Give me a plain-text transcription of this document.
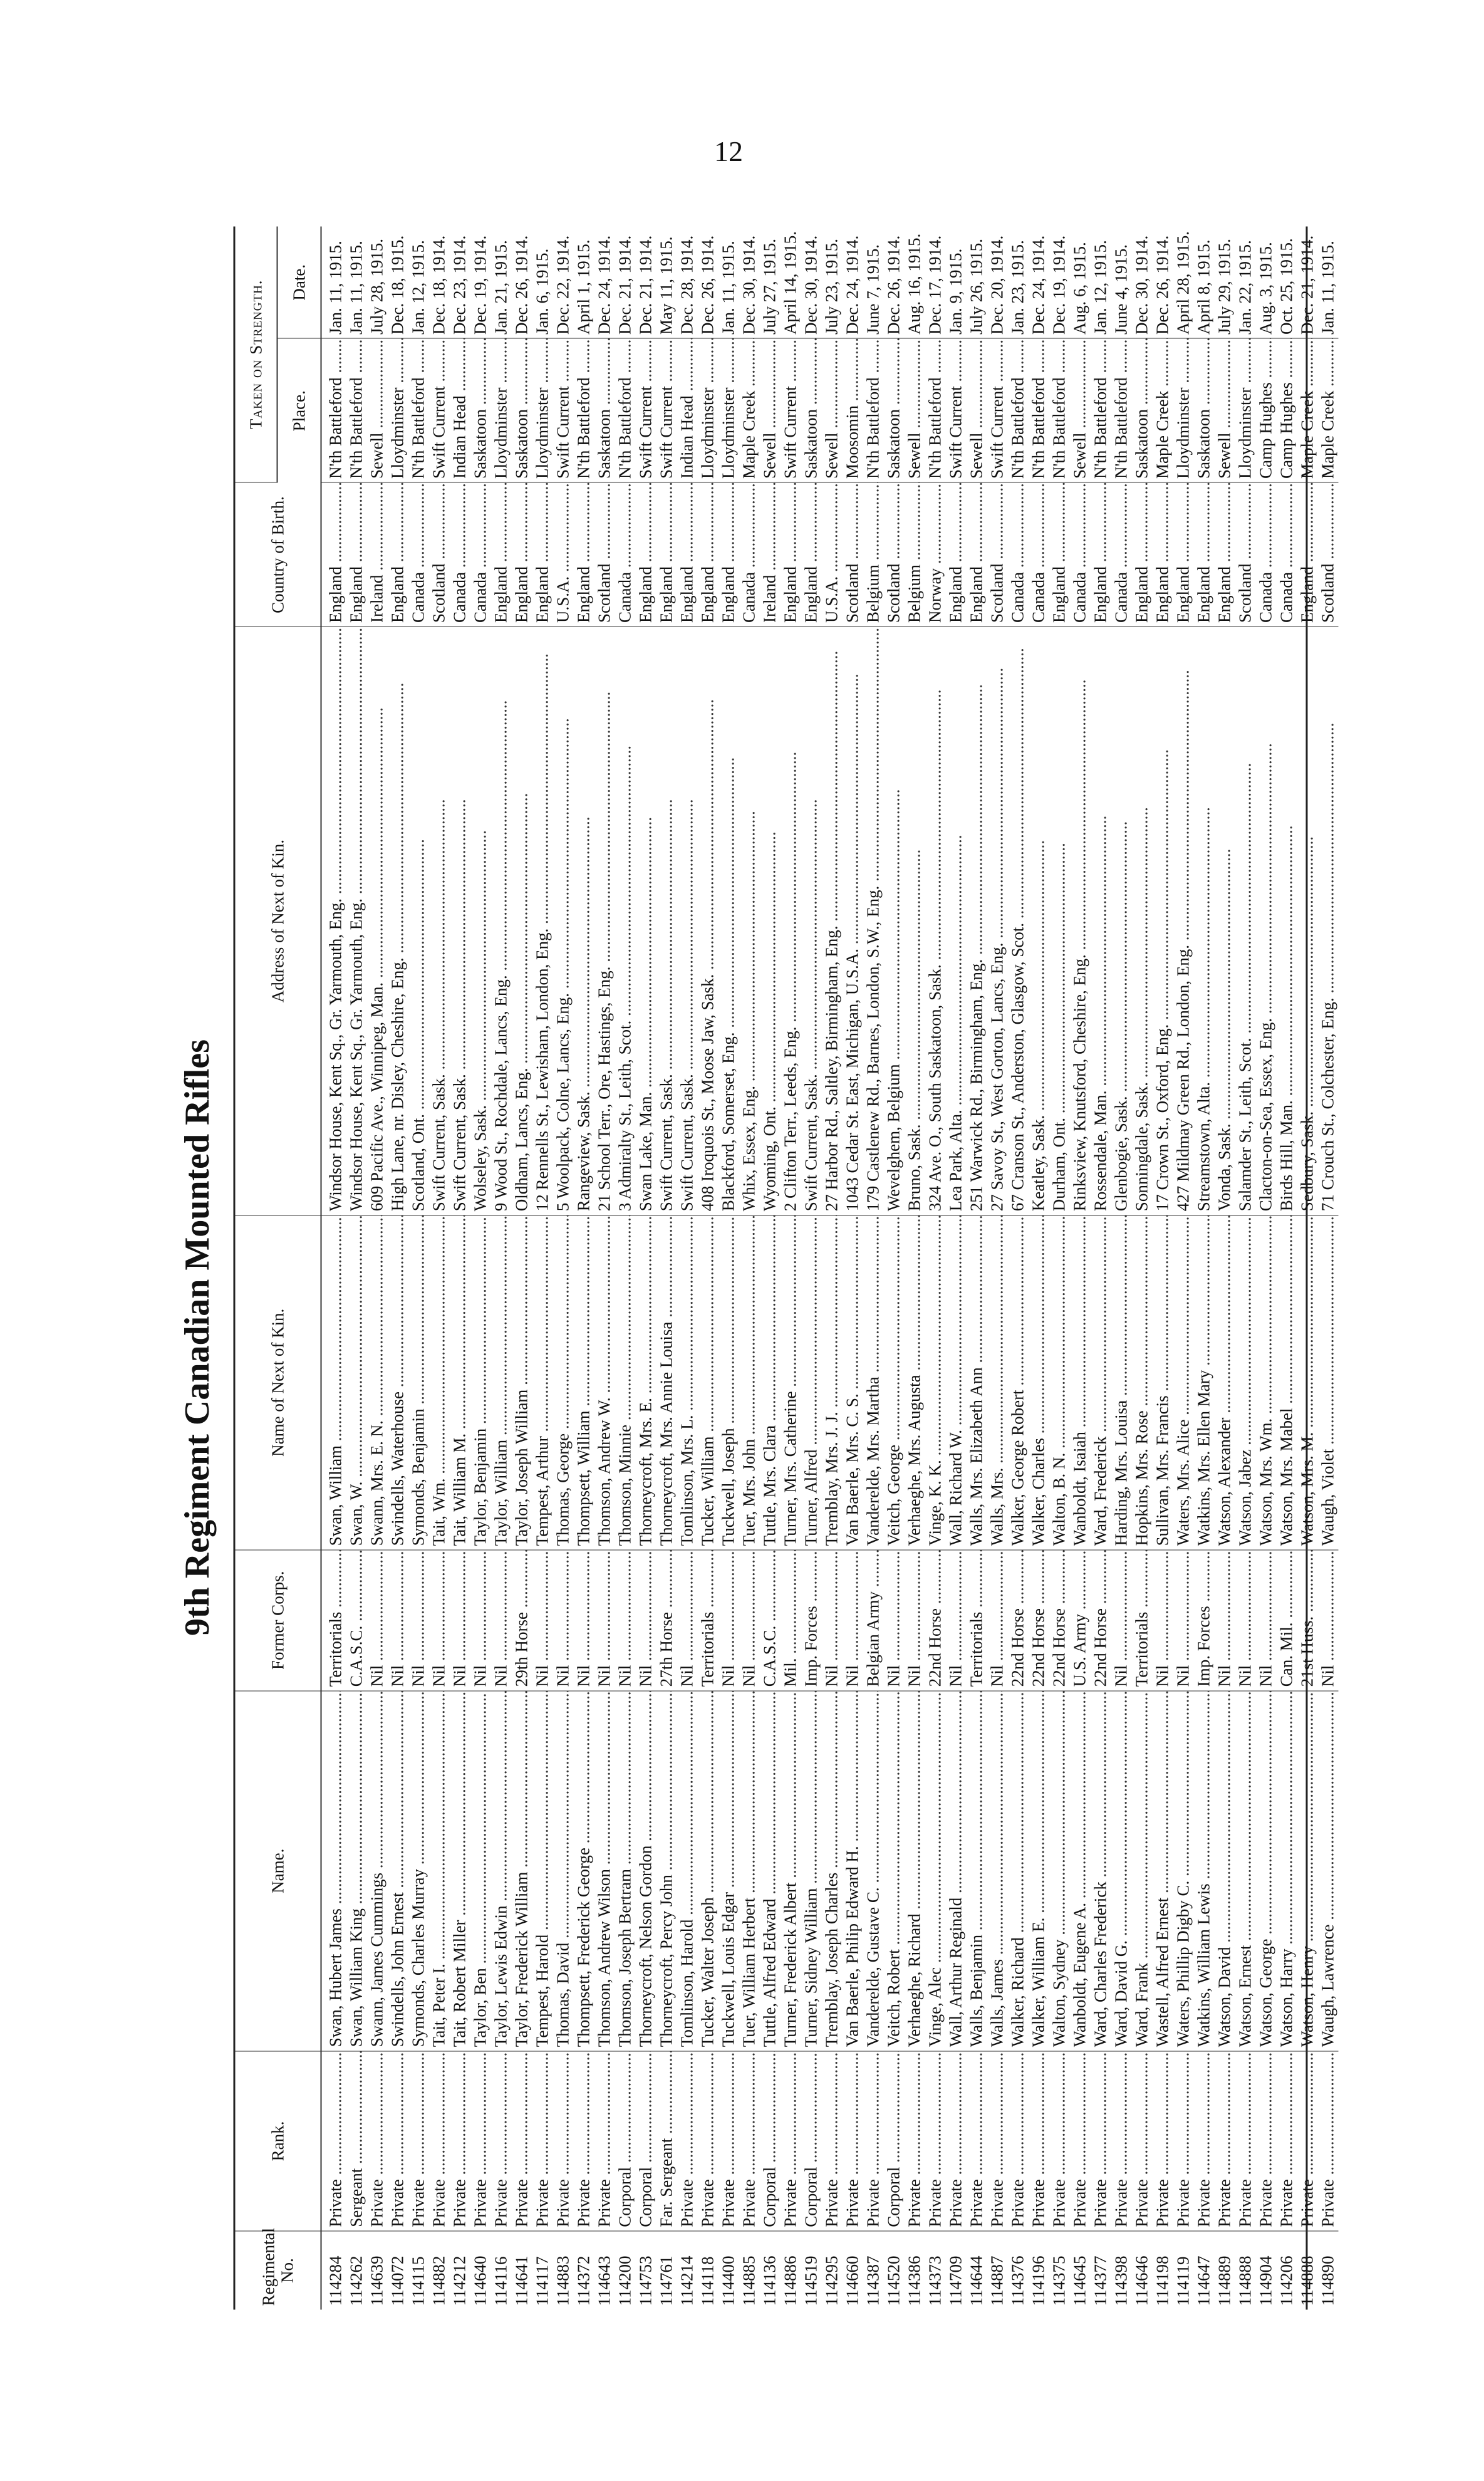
12
9th Regiment Canadian Mounted Rifles
Regimental No.	Rank.	Name.	Former Corps.	Name of Next of Kin.	Address of Next of Kin.	Country of Birth.	Taken on Strength.	
							Place.	Date.
114284	Private .....	Swan, Hubert James .....	Territorials .....	Swan, William .....	Windsor House, Kent Sq., Gr. Yarmouth, Eng. .....	England .....	N'th Battleford .....	Jan. 11, 1915.
114262	Sergeant .....	Swan, William King .....	C.A.S.C. .....	Swan, W. .....	Windsor House, Kent Sq., Gr. Yarmouth, Eng. .....	England .....	N'th Battleford .....	Jan. 11, 1915.
114639	Private .....	Swann, James Cummings .....	Nil .....	Swann, Mrs. E. N. .....	609 Pacific Ave., Winnipeg, Man. .....	Ireland .....	Sewell .....	July 28, 1915.
114072	Private .....	Swindells, John Ernest .....	Nil .....	Swindells, Waterhouse .....	High Lane, nr. Disley, Cheshire, Eng. .....	England .....	Lloydminster .....	Dec. 18, 1915.
114115	Private .....	Symonds, Charles Murray .....	Nil .....	Symonds, Benjamin .....	Scotland, Ont. .....	Canada .....	N'th Battleford .....	Jan. 12, 1915.
114882	Private .....	Tait, Peter I. .....	Nil .....	Tait, Wm. .....	Swift Current, Sask. .....	Scotland .....	Swift Current .....	Dec. 18, 1914.
114212	Private .....	Tait, Robert Miller .....	Nil .....	Tait, William M. .....	Swift Current, Sask. .....	Canada .....	Indian Head .....	Dec. 23, 1914.
114640	Private .....	Taylor, Ben .....	Nil .....	Taylor, Benjamin .....	Wolseley, Sask. .....	Canada .....	Saskatoon .....	Dec. 19, 1914.
114116	Private .....	Taylor, Lewis Edwin .....	Nil .....	Taylor, William .....	9 Wood St., Rochdale, Lancs, Eng. .....	England .....	Lloydminster .....	Jan. 21, 1915.
114641	Private .....	Taylor, Frederick William .....	29th Horse .....	Taylor, Joseph William .....	Oldham, Lancs, Eng. .....	England .....	Saskatoon .....	Dec. 26, 1914.
114117	Private .....	Tempest, Harold .....	Nil .....	Tempest, Arthur .....	12 Rennells St., Lewisham, London, Eng. .....	England .....	Lloydminster .....	Jan. 6, 1915.
114883	Private .....	Thomas, David .....	Nil .....	Thomas, George .....	5 Woolpack, Colne, Lancs, Eng. .....	U.S.A. .....	Swift Current .....	Dec. 22, 1914.
114372	Private .....	Thompsett, Frederick George .....	Nil .....	Thompsett, William .....	Rangeview, Sask. .....	England .....	N'th Battleford .....	April 1, 1915.
114643	Private .....	Thomson, Andrew Wilson .....	Nil .....	Thomson, Andrew W. .....	21 School Terr., Ore, Hastings, Eng. .....	Scotland .....	Saskatoon .....	Dec. 24, 1914.
114200	Corporal .....	Thomson, Joseph Bertram .....	Nil .....	Thomson, Minnie .....	3 Admiralty St., Leith, Scot. .....	Canada .....	N'th Battleford .....	Dec. 21, 1914.
114753	Corporal .....	Thorneycroft, Nelson Gordon .....	Nil .....	Thorneycroft, Mrs. E. .....	Swan Lake, Man. .....	England .....	Swift Current .....	Dec. 21, 1914.
114761	Far. Sergeant .....	Thorneycroft, Percy John .....	27th Horse .....	Thorneycroft, Mrs. Annie Louisa .....	Swift Current, Sask. .....	England .....	Swift Current .....	May 11, 1915.
114214	Private .....	Tomlinson, Harold .....	Nil .....	Tomlinson, Mrs. L. .....	Swift Current, Sask. .....	England .....	Indian Head .....	Dec. 28, 1914.
114118	Private .....	Tucker, Walter Joseph .....	Territorials .....	Tucker, William .....	408 Iroquois St., Moose Jaw, Sask. .....	England .....	Lloydminster .....	Dec. 26, 1914.
114400	Private .....	Tuckwell, Louis Edgar .....	Nil .....	Tuckwell, Joseph .....	Blackford, Somerset, Eng. .....	England .....	Lloydminster .....	Jan. 11, 1915.
114885	Private .....	Tuer, William Herbert .....	Nil .....	Tuer, Mrs. John .....	Whix, Essex, Eng. .....	Canada .....	Maple Creek .....	Dec. 30, 1914.
114136	Corporal .....	Tuttle, Alfred Edward .....	C.A.S.C. .....	Tuttle, Mrs. Clara .....	Wyoming, Ont. .....	Ireland .....	Sewell .....	July 27, 1915.
114886	Private .....	Turner, Frederick Albert .....	Mil. .....	Turner, Mrs. Catherine .....	2 Clifton Terr., Leeds, Eng. .....	England .....	Swift Current .....	April 14, 1915.
114519	Corporal .....	Turner, Sidney William .....	Imp. Forces .....	Turner, Alfred .....	Swift Current, Sask. .....	England .....	Saskatoon .....	Dec. 30, 1914.
114295	Private .....	Tremblay, Joseph Charles .....	Nil .....	Tremblay, Mrs. J. J. .....	27 Harbor Rd., Saltley, Birmingham, Eng. .....	U.S.A. .....	Sewell .....	July 23, 1915.
114660	Private .....	Van Baerle, Philip Edward H. .....	Nil .....	Van Baerle, Mrs. C. S. .....	1043 Cedar St. East, Michigan, U.S.A. .....	Scotland .....	Moosomin .....	Dec. 24, 1914.
114387	Private .....	Vanderelde, Gustave C. .....	Belgian Army .....	Vanderelde, Mrs. Martha .....	179 Castlenew Rd., Barnes, London, S.W., Eng. .....	Belgium .....	N'th Battleford .....	June 7, 1915.
114520	Corporal .....	Veitch, Robert .....	Nil .....	Veitch, George .....	Wevelghem, Belgium .....	Scotland .....	Saskatoon .....	Dec. 26, 1914.
114386	Private .....	Verhaeghe, Richard .....	Nil .....	Verhaeghe, Mrs. Augusta .....	Bruno, Sask. .....	Belgium .....	Sewell .....	Aug. 16, 1915.
114373	Private .....	Vinge, Alec .....	22nd Horse .....	Vinge, K. K. .....	324 Ave. O., South Saskatoon, Sask. .....	Norway .....	N'th Battleford .....	Dec. 17, 1914.
114709	Private .....	Wall, Arthur Reginald .....	Nil .....	Wall, Richard W. .....	Lea Park, Alta. .....	England .....	Swift Current .....	Jan. 9, 1915.
114644	Private .....	Walls, Benjamin .....	Territorials .....	Walls, Mrs. Elizabeth Ann .....	251 Warwick Rd., Birmingham, Eng. .....	England .....	Sewell .....	July 26, 1915.
114887	Private .....	Walls, James .....	Nil .....	Walls, Mrs. .....	27 Savoy St., West Gorton, Lancs, Eng. .....	Scotland .....	Swift Current .....	Dec. 20, 1914.
114376	Private .....	Walker, Richard .....	22nd Horse .....	Walker, George Robert .....	67 Cranson St., Anderston, Glasgow, Scot. .....	Canada .....	N'th Battleford .....	Jan. 23, 1915.
114196	Private .....	Walker, William E. .....	22nd Horse .....	Walker, Charles .....	Keatley, Sask. .....	Canada .....	N'th Battleford .....	Dec. 24, 1914.
114375	Private .....	Walton, Sydney .....	22nd Horse .....	Walton, B. N. .....	Durham, Ont. .....	England .....	N'th Battleford .....	Dec. 19, 1914.
114645	Private .....	Wanboldt, Eugene A. .....	U.S. Army .....	Wanboldt, Isaiah .....	Rinksview, Knutsford, Cheshire, Eng. .....	Canada .....	Sewell .....	Aug. 6, 1915.
114377	Private .....	Ward, Charles Frederick .....	22nd Horse .....	Ward, Frederick .....	Rossendale, Man. .....	England .....	N'th Battleford .....	Jan. 12, 1915.
114398	Private .....	Ward, David G. .....	Nil .....	Harding, Mrs. Louisa .....	Glenbogie, Sask. .....	Canada .....	N'th Battleford .....	June 4, 1915.
114646	Private .....	Ward, Frank .....	Territorials .....	Hopkins, Mrs. Rose .....	Sonningdale, Sask. .....	England .....	Saskatoon .....	Dec. 30, 1914.
114198	Private .....	Wastell, Alfred Ernest .....	Nil .....	Sullivan, Mrs. Francis .....	17 Crown St., Oxford, Eng. .....	England .....	Maple Creek .....	Dec. 26, 1914.
114119	Private .....	Waters, Phillip Digby C. .....	Nil .....	Waters, Mrs. Alice .....	427 Mildmay Green Rd., London, Eng. .....	England .....	Lloydminster .....	April 28, 1915.
114647	Private .....	Watkins, William Lewis .....	Imp. Forces .....	Watkins, Mrs. Ellen Mary .....	Streamstown, Alta. .....	England .....	Saskatoon .....	April 8, 1915.
114889	Private .....	Watson, David .....	Nil .....	Watson, Alexander .....	Vonda, Sask. .....	England .....	Sewell .....	July 29, 1915.
114888	Private .....	Watson, Ernest .....	Nil .....	Watson, Jabez .....	Salamder St., Leith, Scot. .....	Scotland .....	Lloydminster .....	Jan. 22, 1915.
114904	Private .....	Watson, George .....	Nil .....	Watson, Mrs. Wm. .....	Clacton-on-Sea, Essex, Eng. .....	Canada .....	Camp Hughes .....	Aug. 3, 1915.
114206	Private .....	Watson, Harry .....	Can. Mil. .....	Watson, Mrs. Mabel .....	Birds Hill, Man. .....	Canada .....	Camp Hughes .....	Oct. 25, 1915.
114888	Private .....	Watson, Henry .....	21st Huss. .....	Watson, Mrs. M. .....	Sedbury, Sask. .....	England .....	Maple Creek .....	Dec. 21, 1914.
114890	Private .....	Waugh, Lawrence .....	Nil .....	Waugh, Violet .....	71 Crouch St., Colchester, Eng. .....	Scotland .....	Maple Creek .....	Jan. 11, 1915.
